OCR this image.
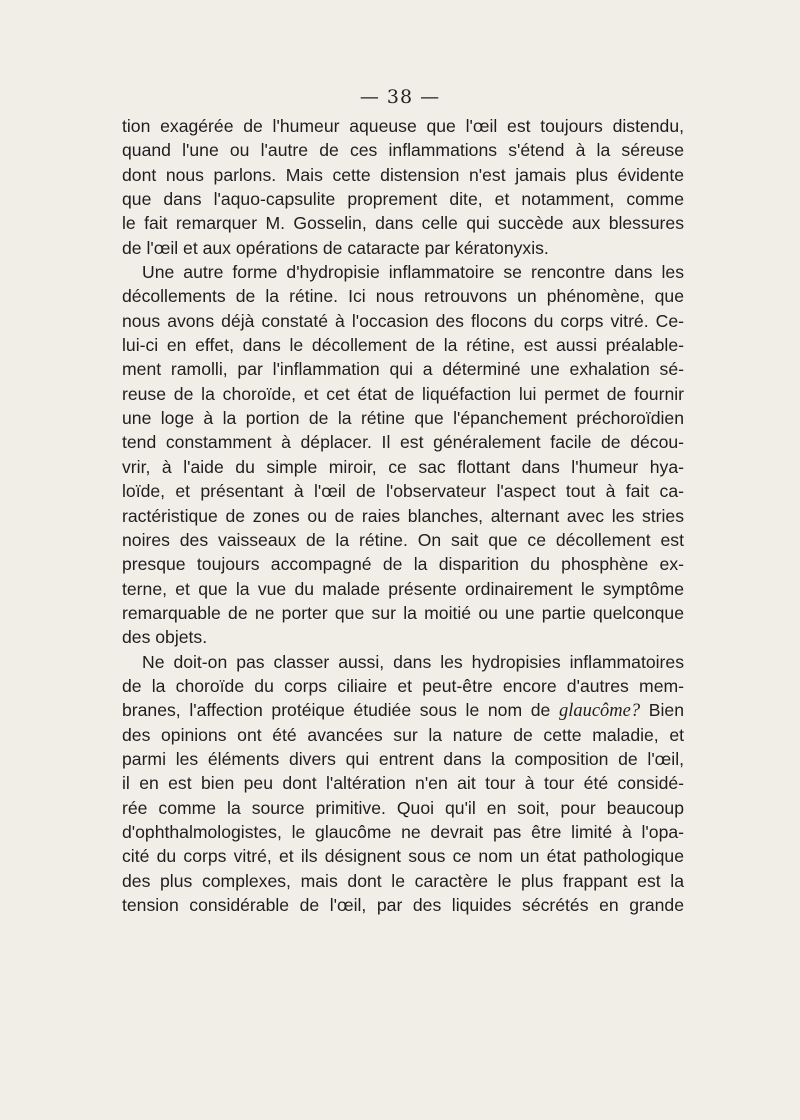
— 38 —
tion exagérée de l'humeur aqueuse que l'œil est toujours distendu,
quand l'une ou l'autre de ces inflammations s'étend à la séreuse
dont nous parlons. Mais cette distension n'est jamais plus évidente
que dans l'aquo-capsulite proprement dite, et notamment, comme
le fait remarquer M. Gosselin, dans celle qui succède aux blessures
de l'œil et aux opérations de cataracte par kératonyxis.
Une autre forme d'hydropisie inflammatoire se rencontre dans les
décollements de la rétine. Ici nous retrouvons un phénomène, que
nous avons déjà constaté à l'occasion des flocons du corps vitré. Ce-
lui-ci en effet, dans le décollement de la rétine, est aussi préalable-
ment ramolli, par l'inflammation qui a déterminé une exhalation sé-
reuse de la choroïde, et cet état de liquéfaction lui permet de fournir
une loge à la portion de la rétine que l'épanchement préchoroïdien
tend constamment à déplacer. Il est généralement facile de décou-
vrir, à l'aide du simple miroir, ce sac flottant dans l'humeur hya-
loïde, et présentant à l'œil de l'observateur l'aspect tout à fait ca-
ractéristique de zones ou de raies blanches, alternant avec les stries
noires des vaisseaux de la rétine. On sait que ce décollement est
presque toujours accompagné de la disparition du phosphène ex-
terne, et que la vue du malade présente ordinairement le symptôme
remarquable de ne porter que sur la moitié ou une partie quelconque
des objets.
Ne doit-on pas classer aussi, dans les hydropisies inflammatoires
de la choroïde du corps ciliaire et peut-être encore d'autres mem-
branes, l'affection protéique étudiée sous le nom de glaucôme? Bien
des opinions ont été avancées sur la nature de cette maladie, et
parmi les éléments divers qui entrent dans la composition de l'œil,
il en est bien peu dont l'altération n'en ait tour à tour été considé-
rée comme la source primitive. Quoi qu'il en soit, pour beaucoup
d'ophthalmologistes, le glaucôme ne devrait pas être limité à l'opa-
cité du corps vitré, et ils désignent sous ce nom un état pathologique
des plus complexes, mais dont le caractère le plus frappant est la
tension considérable de l'œil, par des liquides sécrétés en grande
